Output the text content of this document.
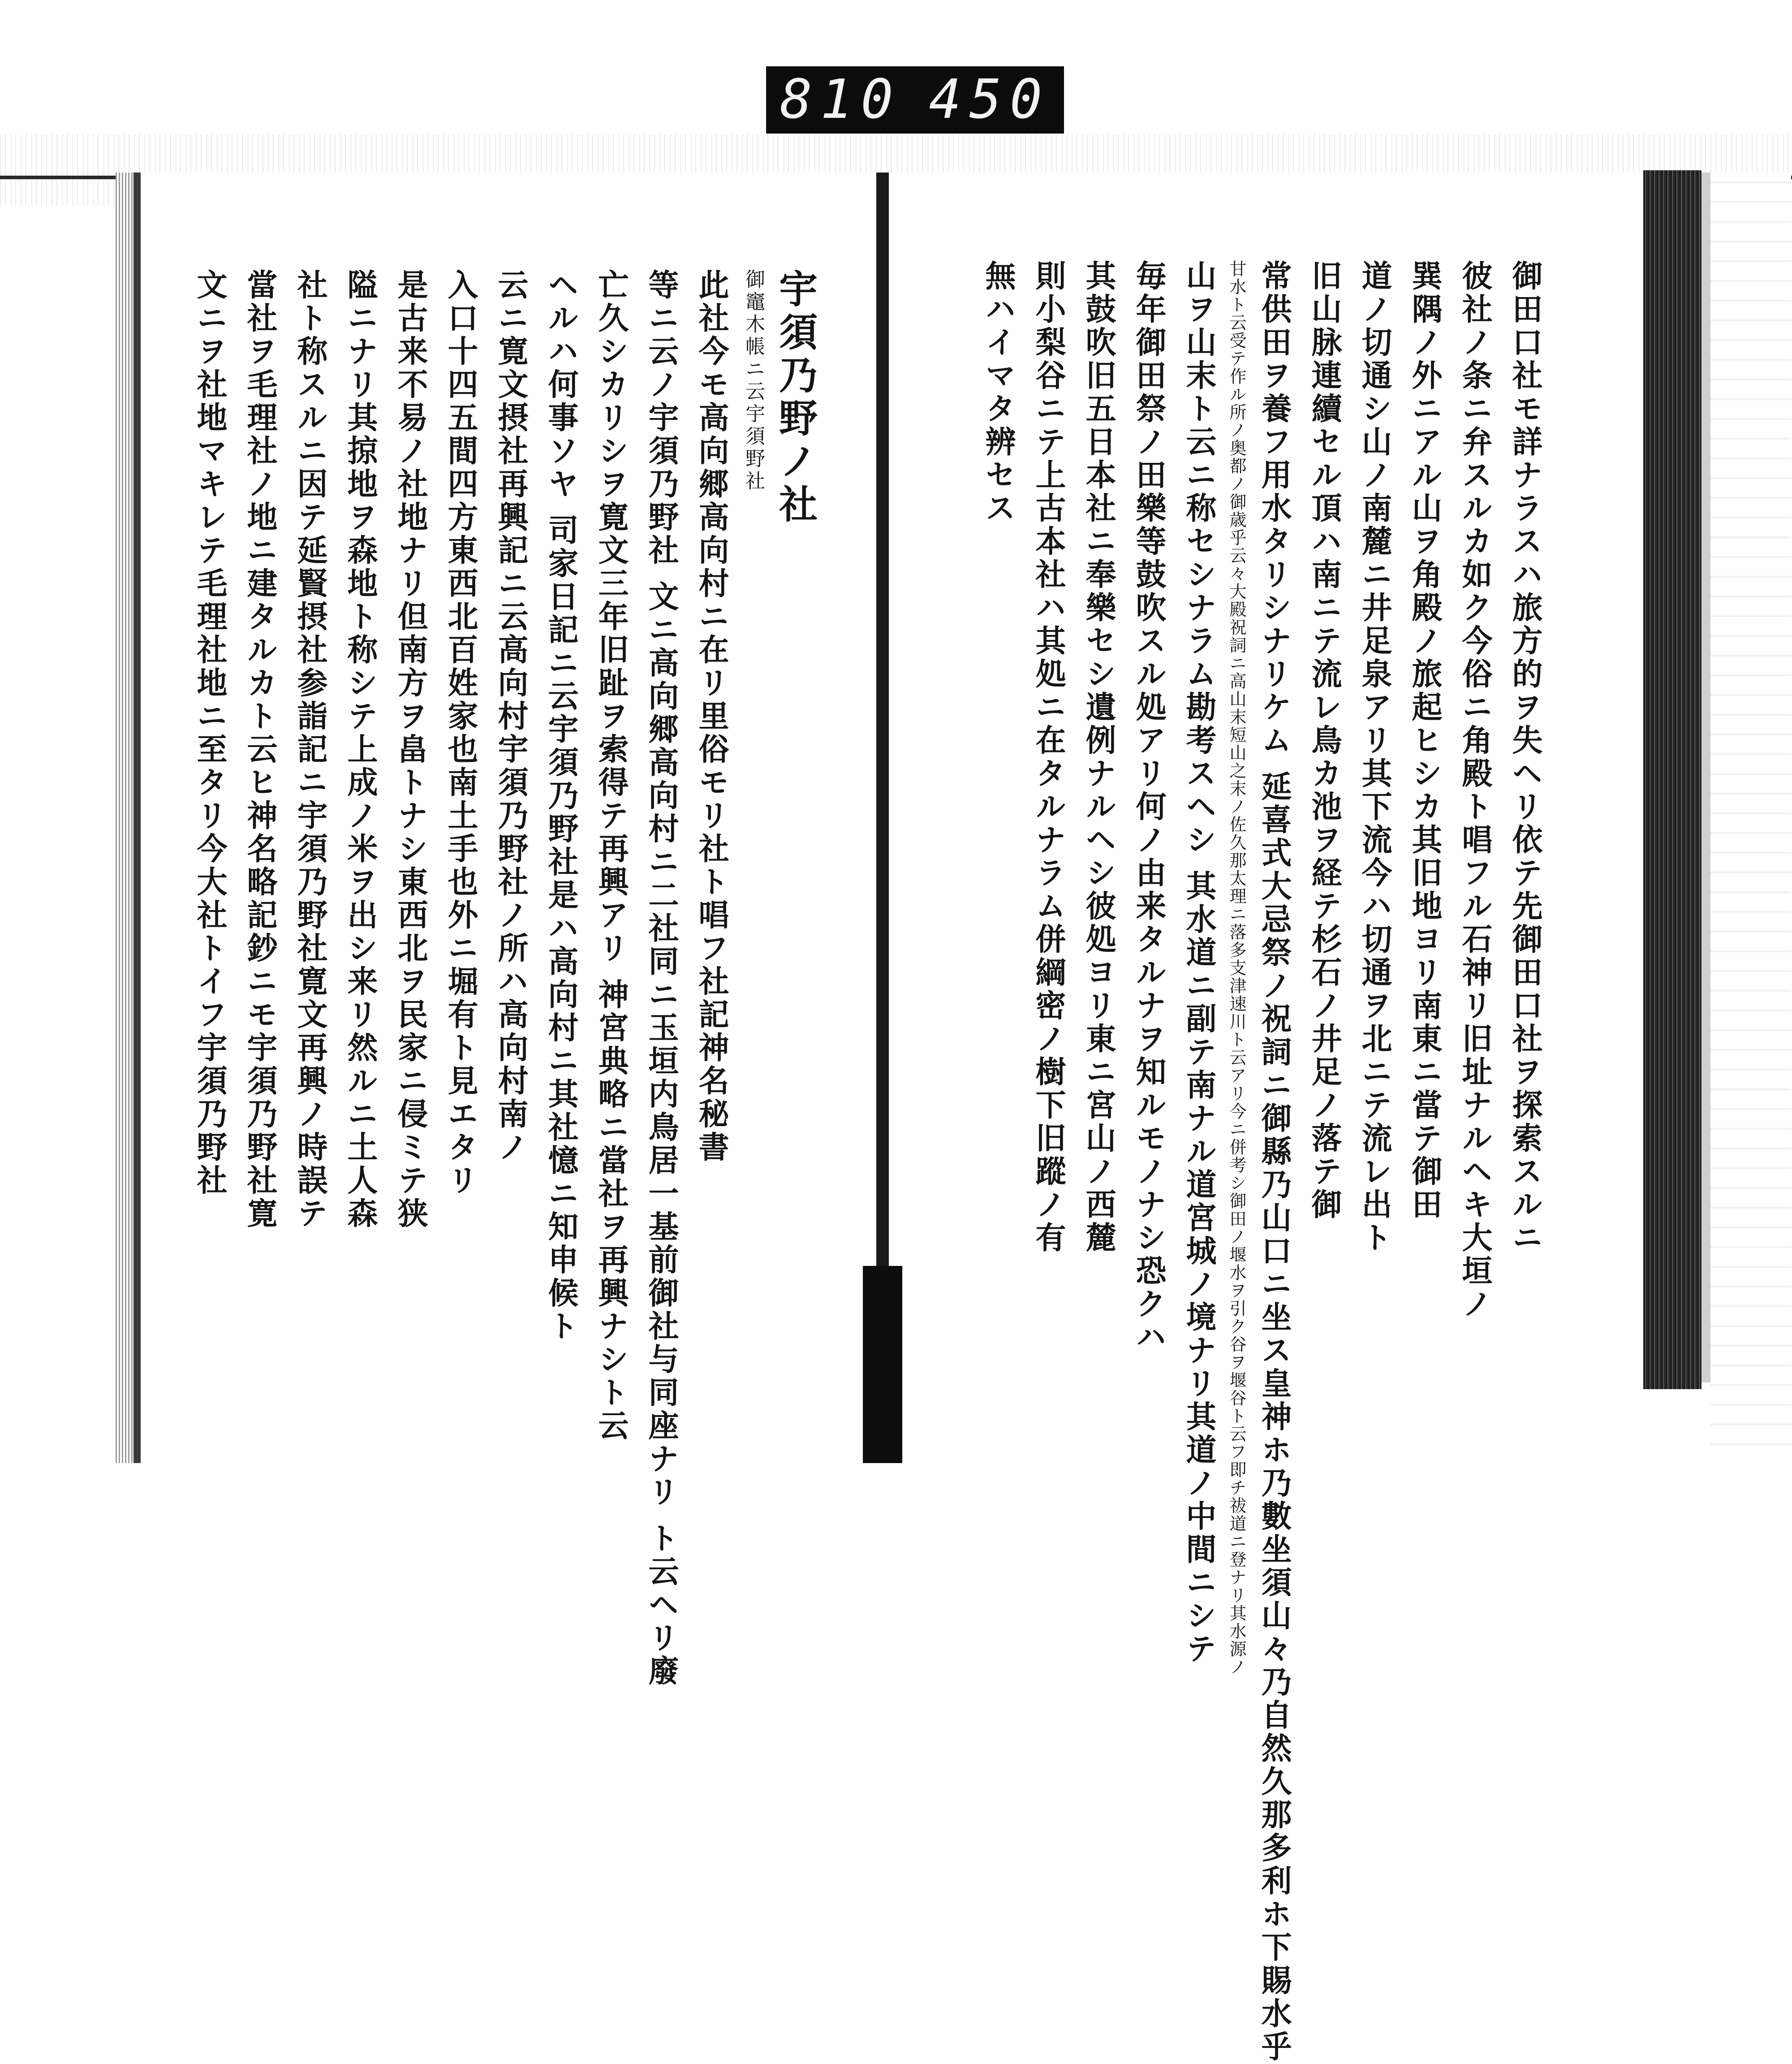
810 450
御田口社モ詳ナラスハ旅方的ヲ失ヘリ依テ先御田口社ヲ探索スルニ
彼社ノ条ニ弁スルカ如ク今俗ニ角殿ト唱フル石神リ旧址ナルヘキ大垣ノ
巽隅ノ外ニアル山ヲ角殿ノ旅起ヒシカ其旧地ヨリ南東ニ當テ御田
道ノ切通シ山ノ南麓ニ井足泉アリ其下流今ハ切通ヲ北ニテ流レ出ト
旧山脉連續セル頂ハ南ニテ流レ鳥カ池ヲ経テ杉石ノ井足ノ落テ御
常供田ヲ養フ用水タリシナリケム 延喜式大忌祭ノ祝詞ニ御縣乃山口ニ坐ス皇神ホ乃數坐須山々乃自然久那多利ホ下賜水乎
甘水ト云受テ作ル所ノ奥都ノ御歳乎云々大殿祝詞ニ高山末短山之末ノ佐久那太理ニ落多支津速川ト云アリ今ニ併考シ御田ノ堰水ヲ引ク谷ヲ堰谷ト云フ即チ祓道ニ登ナリ其水源ノ
山ヲ山末ト云ニ称セシナラム勘考スヘシ 其水道ニ副テ南ナル道宮城ノ境ナリ其道ノ中間ニシテ
毎年御田祭ノ田樂等鼓吹スル処アリ何ノ由来タルナヲ知ルモノナシ恐クハ
其鼓吹旧五日本社ニ奉樂セシ遺例ナルヘシ彼処ヨリ東ニ宮山ノ西麓
則小梨谷ニテ上古本社ハ其処ニ在タルナラム併綱密ノ樹下旧蹤ノ有
無ハイマタ辨セス
宇須乃野ノ社
御竈木帳ニ云宇須野社
此社今モ高向郷高向村ニ在リ里俗モリ社ト唱フ社記神名秘書
等ニ云ノ宇須乃野社 文ニ高向郷高向村ニ二社同ニ玉垣内鳥居一基前御社与同座ナリ ト云ヘリ廢
亡久シカリシヲ寛文三年旧趾ヲ索得テ再興アリ 神宮典略ニ當社ヲ再興ナシト云
ヘルハ何事ソヤ 司家日記ニ云宇須乃野社是ハ高向村ニ其社憶ニ知申候ト
云ニ寛文摂社再興記ニ云高向村宇須乃野社ノ所ハ高向村南ノ
入口十四五間四方東西北百姓家也南土手也外ニ堀有ト見エタリ
是古来不易ノ社地ナリ但南方ヲ畠トナシ東西北ヲ民家ニ侵ミテ狭
隘ニナリ其掠地ヲ森地ト称シテ上成ノ米ヲ出シ来リ然ルニ土人森
社ト称スルニ因テ延賢摂社参詣記ニ宇須乃野社寛文再興ノ時誤テ
當社ヲ毛理社ノ地ニ建タルカト云ヒ神名略記鈔ニモ宇須乃野社寛
文ニヲ社地マキレテ毛理社地ニ至タリ今大社トイフ宇須乃野社
